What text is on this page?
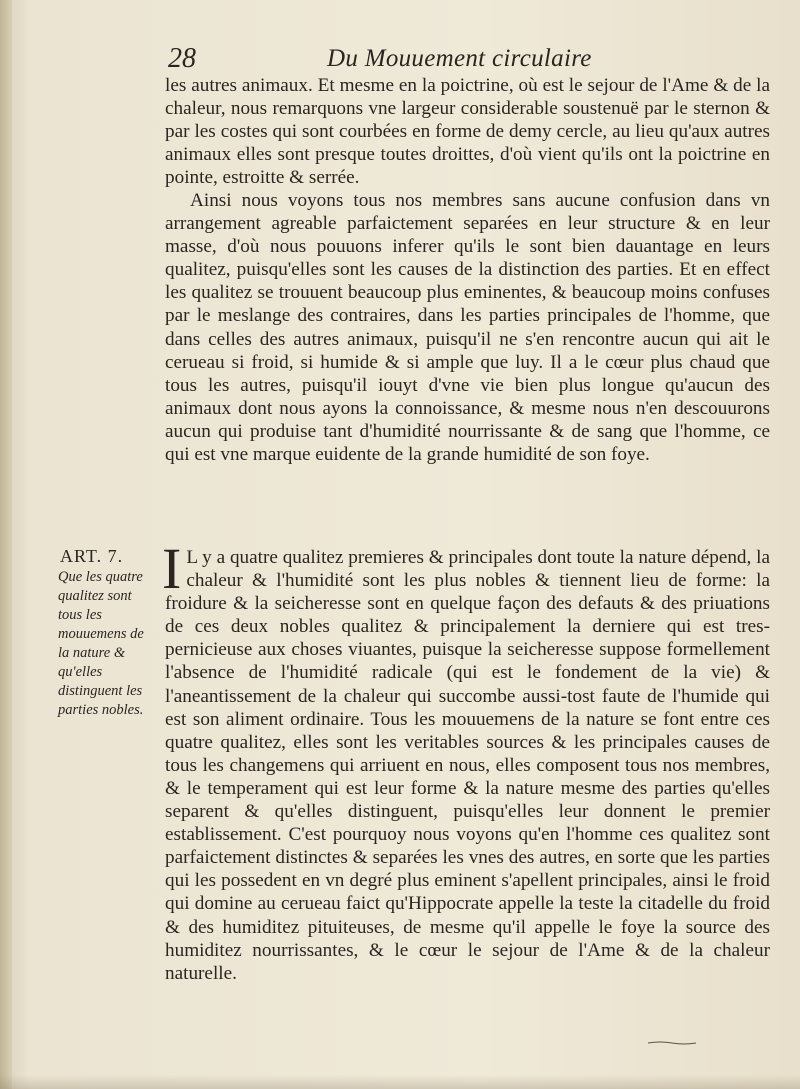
28	Du Mouuement circulaire
les autres animaux. Et mesme en la poictrine, où est le sejour de l'Ame & de la chaleur, nous remarquons vne largeur considerable soustenuë par le sternon & par les costes qui sont courbées en forme de demy cercle, au lieu qu'aux autres animaux elles sont presque toutes droittes, d'où vient qu'ils ont la poictrine en pointe, estroitte & serrée.
Ainsi nous voyons tous nos membres sans aucune confusion dans vn arrangement agreable parfaictement separées en leur structure & en leur masse, d'où nous pouuons inferer qu'ils le sont bien dauantage en leurs qualitez, puisqu'elles sont les causes de la distinction des parties. Et en effect les qualitez se trouuent beaucoup plus eminentes, & beaucoup moins confuses par le meslange des contraires, dans les parties principales de l'homme, que dans celles des autres animaux, puisqu'il ne s'en rencontre aucun qui ait le cerueau si froid, si humide & si ample que luy. Il a le cœur plus chaud que tous les autres, puisqu'il iouyt d'vne vie bien plus longue qu'aucun des animaux dont nous ayons la connoissance, & mesme nous n'en descouurons aucun qui produise tant d'humidité nourrissante & de sang que l'homme, ce qui est vne marque euidente de la grande humidité de son foye.
ART. 7.
Que les quatre qualitez sont tous les mouuemens de la nature & qu'elles distinguent les parties nobles.
I L y a quatre qualitez premieres & principales dont toute la nature dépend, la chaleur & l'humidité sont les plus nobles & tiennent lieu de forme: la froidure & la seicheresse sont en quelque façon des defauts & des priuations de ces deux nobles qualitez & principalement la derniere qui est tres-pernicieuse aux choses viuantes, puisque la seicheresse suppose formellement l'absence de l'humidité radicale (qui est le fondement de la vie) & l'aneantissement de la chaleur qui succombe aussi-tost faute de l'humide qui est son aliment ordinaire. Tous les mouuemens de la nature se font entre ces quatre qualitez, elles sont les veritables sources & les principales causes de tous les changemens qui arriuent en nous, elles composent tous nos membres, & le temperament qui est leur forme & la nature mesme des parties qu'elles separent & qu'elles distinguent, puisqu'elles leur donnent le premier establissement. C'est pourquoy nous voyons qu'en l'homme ces qualitez sont parfaictement distinctes & separées les vnes des autres, en sorte que les parties qui les possedent en vn degré plus eminent s'apellent principales, ainsi le froid qui domine au cerueau faict qu'Hippocrate appelle la teste la citadelle du froid & des humiditez pituiteuses, de mesme qu'il appelle le foye la source des humiditez nourrissantes, & le cœur le sejour de l'Ame & de la chaleur naturelle.
